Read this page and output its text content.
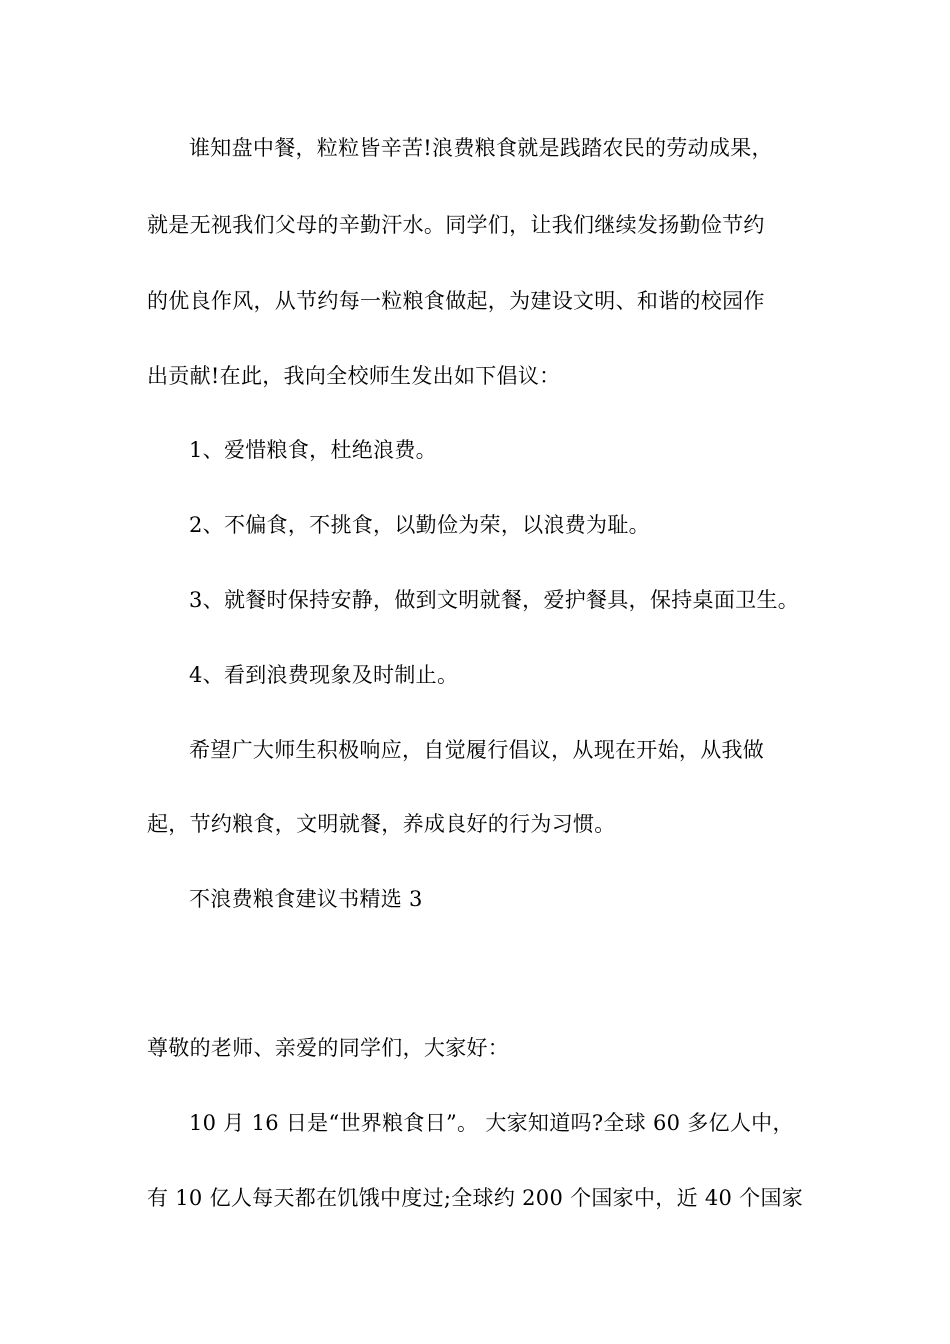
谁知盘中餐，粒粒皆辛苦!浪费粮食就是践踏农民的劳动成果，
就是无视我们父母的辛勤汗水。同学们，让我们继续发扬勤俭节约
的优良作风，从节约每一粒粮食做起，为建设文明、和谐的校园作
出贡献!在此，我向全校师生发出如下倡议：
1、爱惜粮食，杜绝浪费。
2、不偏食，不挑食，以勤俭为荣，以浪费为耻。
3、就餐时保持安静，做到文明就餐，爱护餐具，保持桌面卫生。
4、看到浪费现象及时制止。
希望广大师生积极响应，自觉履行倡议，从现在开始，从我做
起，节约粮食，文明就餐，养成良好的行为习惯。
不浪费粮食建议书精选 3
尊敬的老师、亲爱的同学们，大家好：
10 月 16 日是“世界粮食日”。 大家知道吗?全球 60 多亿人中，
有 10 亿人每天都在饥饿中度过;全球约 200 个国家中，近 40 个国家
